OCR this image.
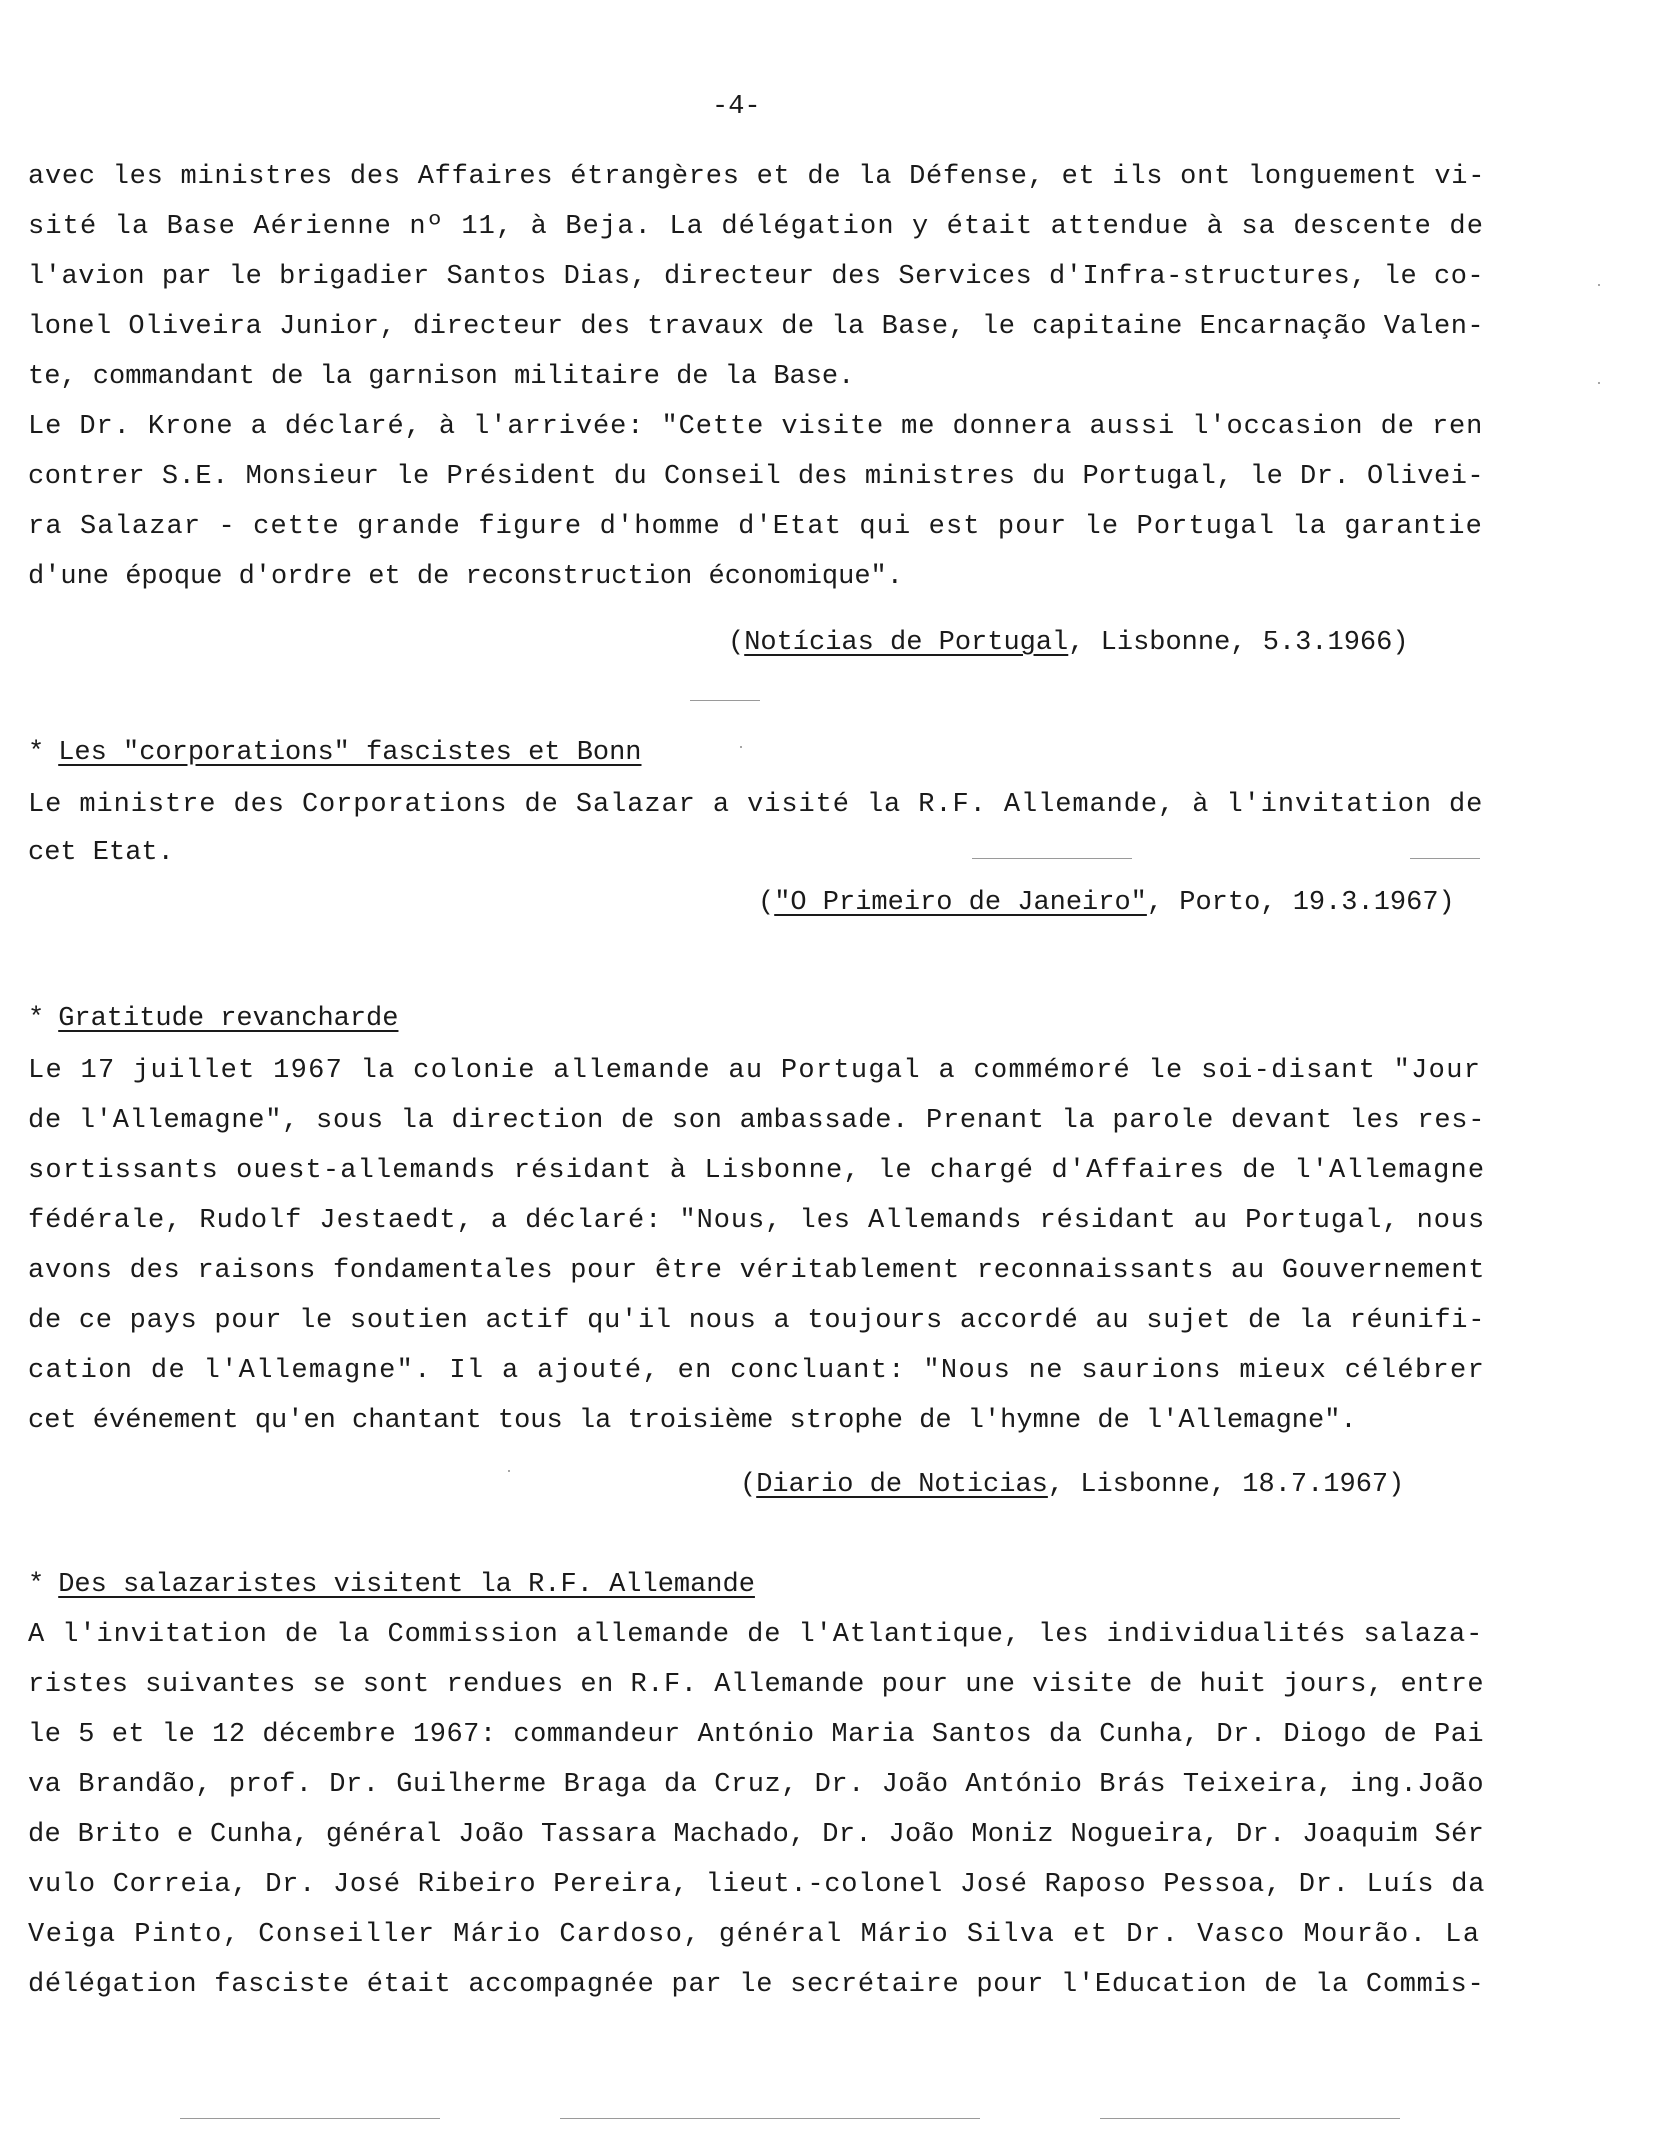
-4-
avec les ministres des Affaires étrangères et de la Défense, et ils ont longuement vi-
sité la Base Aérienne nº 11, à Beja. La délégation y était attendue à sa descente de
l'avion par le brigadier Santos Dias, directeur des Services d'Infra-structures, le co-
lonel Oliveira Junior, directeur des travaux de la Base, le capitaine Encarnação Valen-
te, commandant de la garnison militaire de la Base.
Le Dr. Krone a déclaré, à l'arrivée: "Cette visite me donnera aussi l'occasion de ren
contrer S.E. Monsieur le Président du Conseil des ministres du Portugal, le Dr. Olivei-
ra Salazar - cette grande figure d'homme d'Etat qui est pour le Portugal la garantie
d'une époque d'ordre et de reconstruction économique".
(Notícias de Portugal, Lisbonne, 5.3.1966)
* Les "corporations" fascistes et Bonn
Le ministre des Corporations de Salazar a visité la R.F. Allemande, à l'invitation de
cet Etat.
("O Primeiro de Janeiro", Porto, 19.3.1967)
* Gratitude revancharde
Le 17 juillet 1967 la colonie allemande au Portugal a commémoré le soi-disant "Jour
de l'Allemagne", sous la direction de son ambassade. Prenant la parole devant les res-
sortissants ouest-allemands résidant à Lisbonne, le chargé d'Affaires de l'Allemagne
fédérale, Rudolf Jestaedt, a déclaré: "Nous, les Allemands résidant au Portugal, nous
avons des raisons fondamentales pour être véritablement reconnaissants au Gouvernement
de ce pays pour le soutien actif qu'il nous a toujours accordé au sujet de la réunifi-
cation de l'Allemagne". Il a ajouté, en concluant: "Nous ne saurions mieux célébrer
cet événement qu'en chantant tous la troisième strophe de l'hymne de l'Allemagne".
(Diario de Noticias, Lisbonne, 18.7.1967)
* Des salazaristes visitent la R.F. Allemande
A l'invitation de la Commission allemande de l'Atlantique, les individualités salaza-
ristes suivantes se sont rendues en R.F. Allemande pour une visite de huit jours, entre
le 5 et le 12 décembre 1967: commandeur António Maria Santos da Cunha, Dr. Diogo de Pai
va Brandão, prof. Dr. Guilherme Braga da Cruz, Dr. João António Brás Teixeira, ing.João
de Brito e Cunha, général João Tassara Machado, Dr. João Moniz Nogueira, Dr. Joaquim Sér
vulo Correia, Dr. José Ribeiro Pereira, lieut.-colonel José Raposo Pessoa, Dr. Luís da
Veiga Pinto, Conseiller Mário Cardoso, général Mário Silva et Dr. Vasco Mourão. La
délégation fasciste était accompagnée par le secrétaire pour l'Education de la Commis-
